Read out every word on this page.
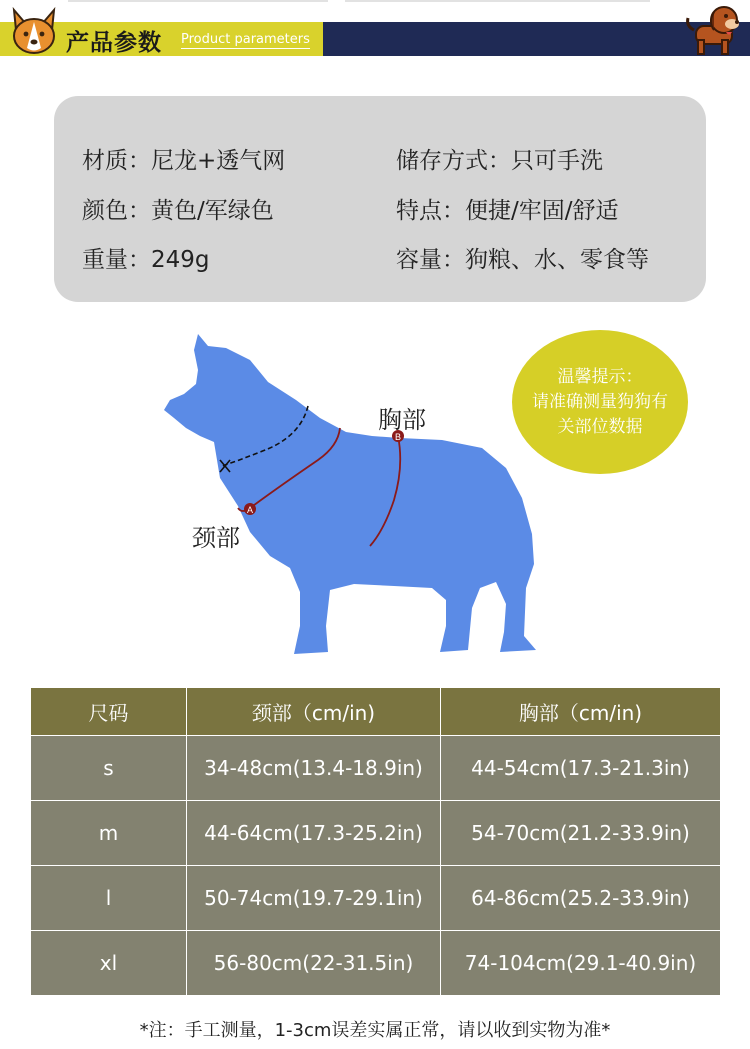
产品参数 Product parameters
材质：尼龙+透气网
颜色：黄色/军绿色
重量：249g
储存方式：只可手洗
特点：便捷/牢固/舒适
容量：狗粮、水、零食等
A
B
胸部
颈部
温馨提示：
请准确测量狗狗有
关部位数据
尺码	颈部（cm/in)	胸部（cm/in)
s	34-48cm(13.4-18.9in)	44-54cm(17.3-21.3in)
m	44-64cm(17.3-25.2in)	54-70cm(21.2-33.9in)
l	50-74cm(19.7-29.1in)	64-86cm(25.2-33.9in)
xl	56-80cm(22-31.5in)	74-104cm(29.1-40.9in)
*注：手工测量，1-3cm误差实属正常，请以收到实物为准*
